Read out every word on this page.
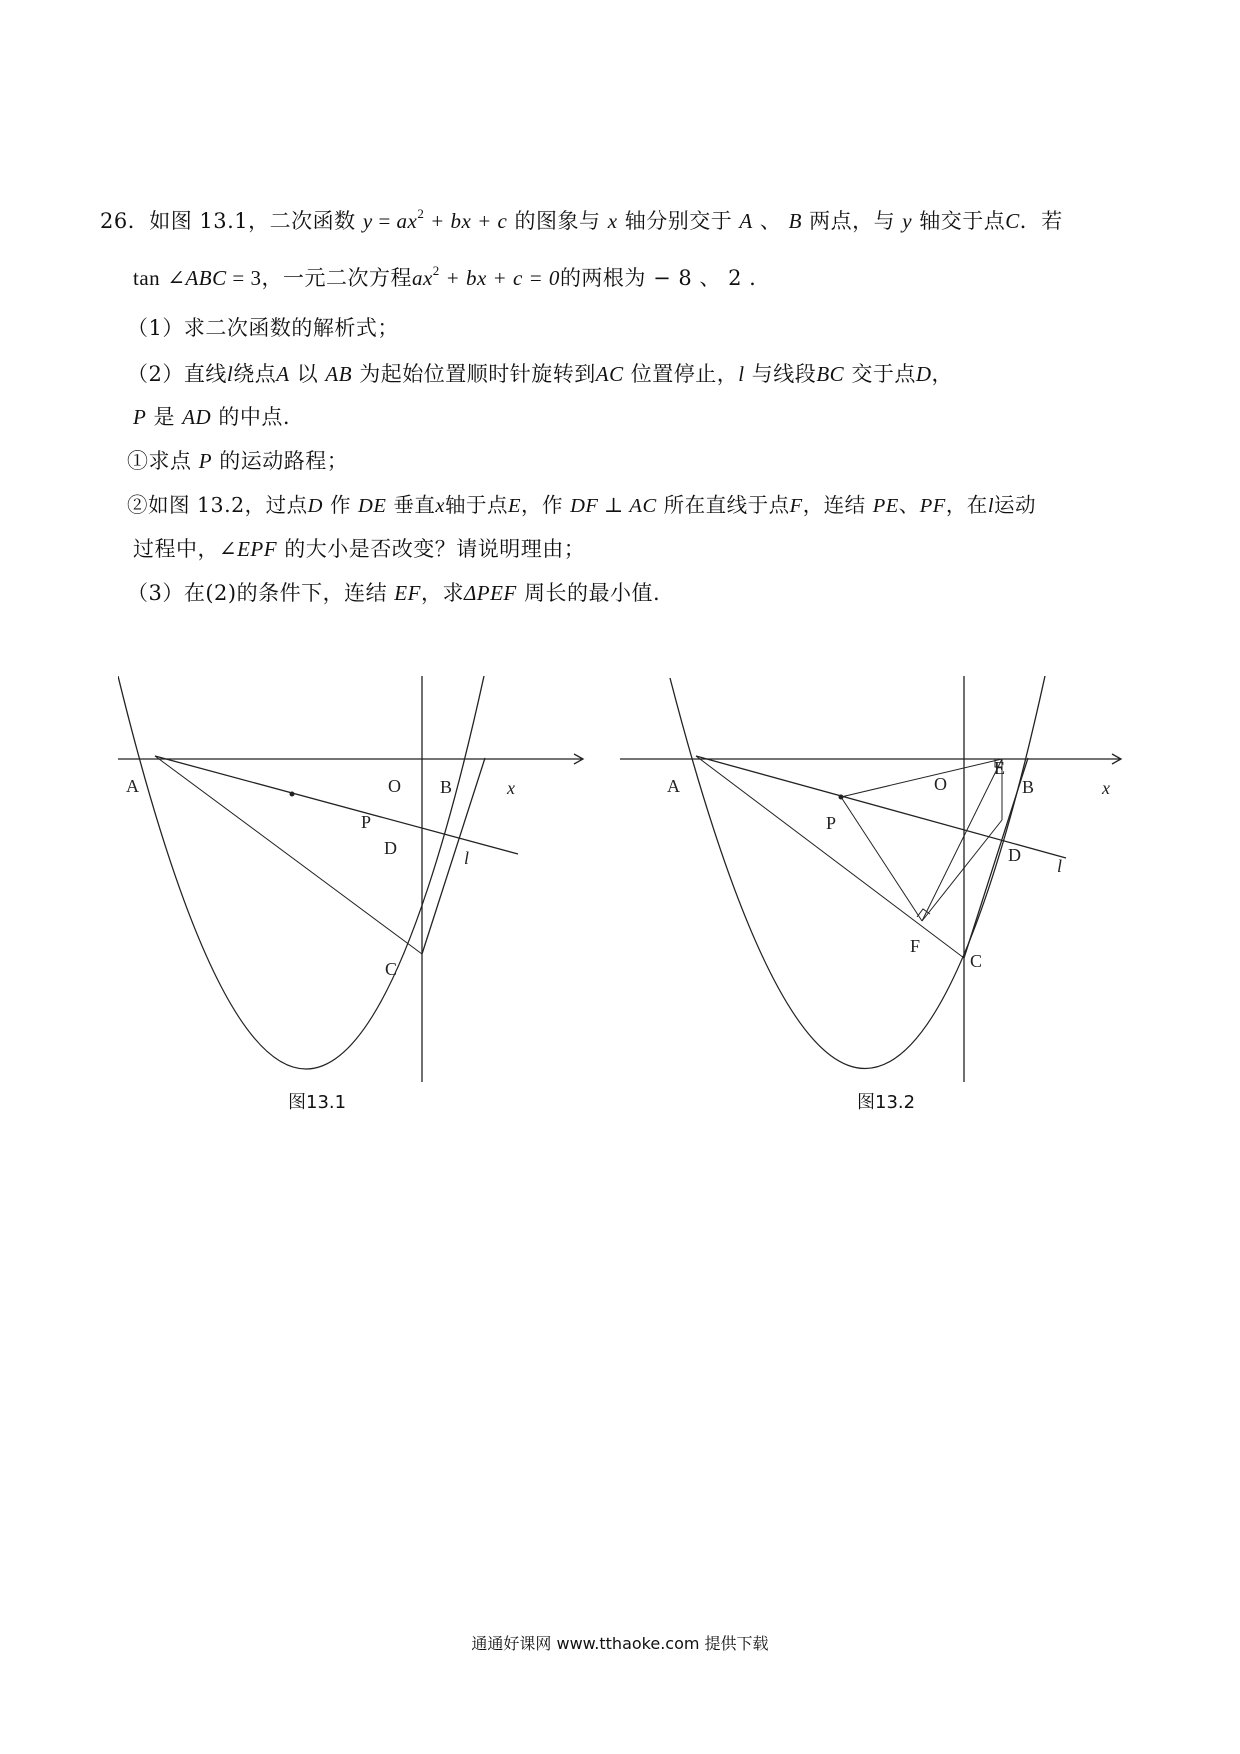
26．如图 13.1，二次函数 $y = ax^2$ + bx + c 的图象与 x 轴分别交于 A 、 B 两点，与 y 轴交于点C．若
tan ∠ABC = 3，一元二次方程$ax^2$ + bx + c = 0的两根为 − 8 、 2 .
（1）求二次函数的解析式；
（2）直线l绕点A 以 AB 为起始位置顺时针旋转到AC 位置停止，l 与线段BC 交于点D，
P 是 AD 的中点.
①求点 P 的运动路程；
②如图 13.2，过点D 作 DE 垂直x轴于点E，作 DF ⊥ AC 所在直线于点F，连结 PE、PF，在l运动
过程中，∠EPF 的大小是否改变？请说明理由；
（3）在(2)的条件下，连结 EF，求ΔPEF 周长的最小值.
A
P
O B	x
D	l
C
图13.1
A
P
O
E
B	x
D
l
F
C
图13.2
通通好课网 www.tthaoke.com 提供下载
